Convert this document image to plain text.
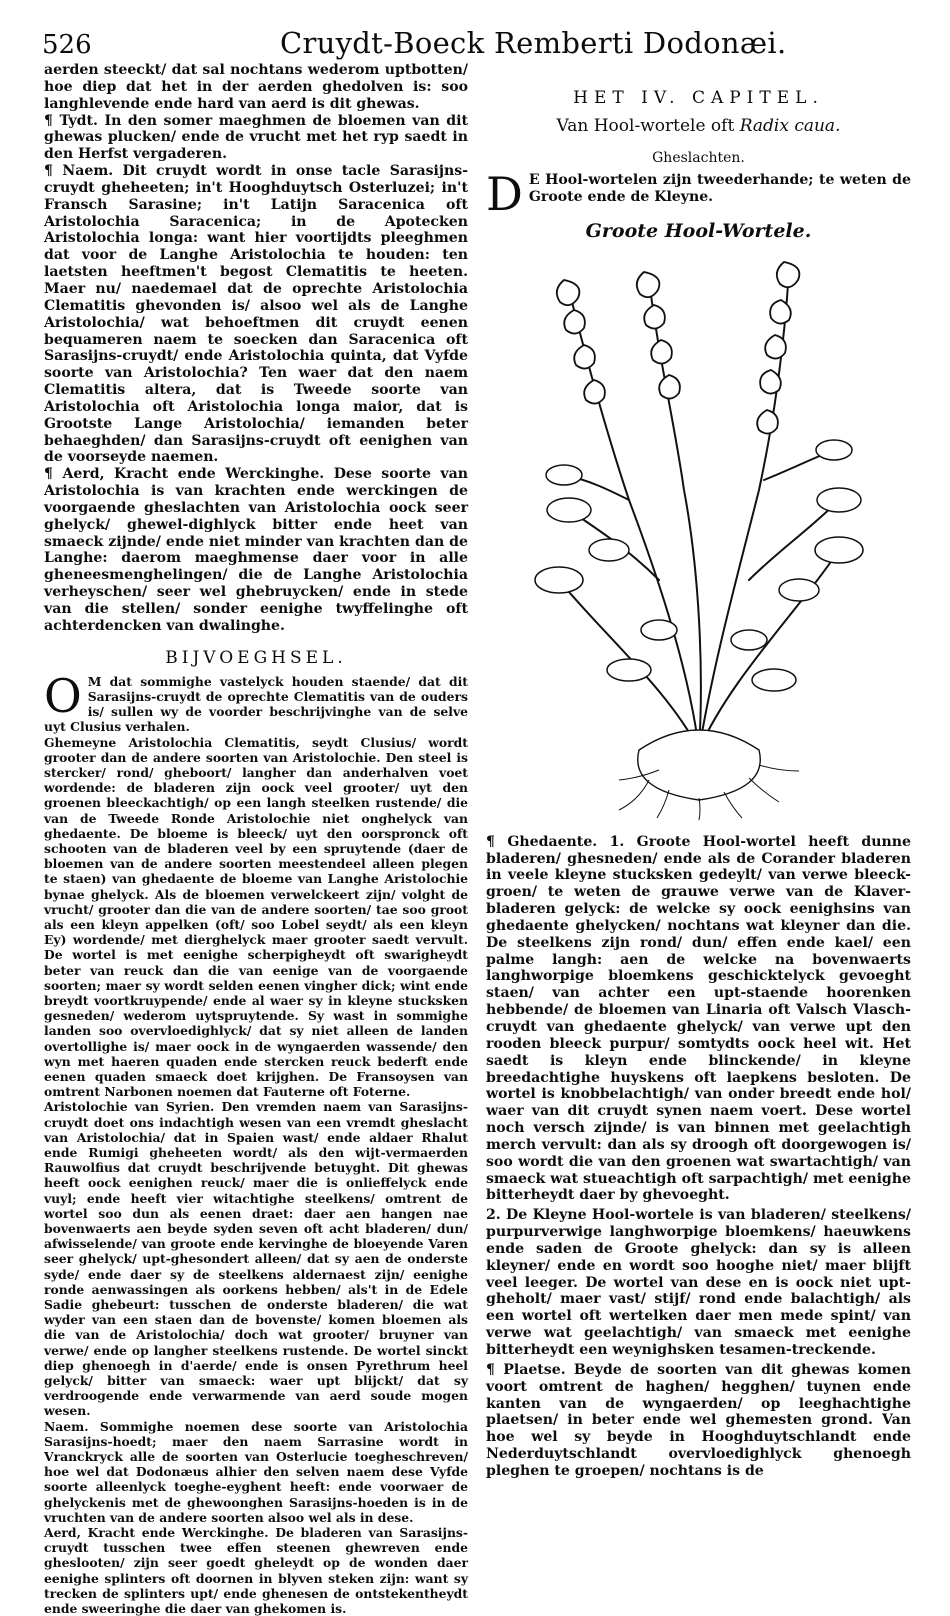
526	Cruydt-Boeck Remberti Dodonæi.

aerden steeckt/ dat sal nochtans wederom uptbotten/ hoe diep dat het in der aerden ghedolven is: soo langhlevende ende hard van aerd is dit ghewas.

¶ Tydt. In den somer maeghmen de bloemen van dit ghewas plucken/ ende de vrucht met het ryp saedt in den Herfst vergaderen.

¶ Naem. Dit cruydt wordt in onse tacle Sarasijns-cruydt gheheeten; in't Hooghduytsch Osterluzei; in't Fransch Sarasine; in't Latijn Saracenica oft Aristolochia Saracenica; in de Apotecken Aristolochia longa: want hier voortijdts pleeghmen dat voor de Langhe Aristolochia te houden: ten laetsten heeftmen't begost Clematitis te heeten. Maer nu/ naedemael dat de oprechte Aristolochia Clematitis ghevonden is/ alsoo wel als de Langhe Aristolochia/ wat behoeftmen dit cruydt eenen bequameren naem te soecken dan Saracenica oft Sarasijns-cruydt/ ende Aristolochia quinta, dat Vyfde soorte van Aristolochia? Ten waer dat den naem Clematitis altera, dat is Tweede soorte van Aristolochia oft Aristolochia longa maior, dat is Grootste Lange Aristolochia/ iemanden beter behaeghden/ dan Sarasijns-cruydt oft eenighen van de voorseyde naemen.

¶ Aerd, Kracht ende Werckinghe. Dese soorte van Aristolochia is van krachten ende werckingen de voorgaende gheslachten van Aristolochia oock seer ghelyck/ ghewel-dighlyck bitter ende heet van smaeck zijnde/ ende niet minder van krachten dan de Langhe: daerom maeghmense daer voor in alle gheneesmenghelingen/ die de Langhe Aristolochia verheyschen/ seer wel ghebruycken/ ende in stede van die stellen/ sonder eenighe twyffelinghe oft achterdencken van dwalinghe.

BIJVOEGHSEL.

O M dat sommighe vastelyck houden staende/ dat dit Sarasijns-cruydt de oprechte Clematitis van de ouders is/ sullen wy de voorder beschrijvinghe van de selve uyt Clusius verhalen.

Ghemeyne Aristolochia Clematitis, seydt Clusius/ wordt grooter dan de andere soorten van Aristolochie. Den steel is stercker/ rond/ gheboort/ langher dan anderhalven voet wordende: de bladeren zijn oock veel grooter/ uyt den groenen bleeckachtigh/ op een langh steelken rustende/ die van de Tweede Ronde Aristolochie niet onghelyck van ghedaente. De bloeme is bleeck/ uyt den oorspronck oft schooten van de bladeren veel by een spruytende (daer de bloemen van de andere soorten meestendeel alleen plegen te staen) van ghedaente de bloeme van Langhe Aristolochie bynae ghelyck. Als de bloemen verwelckeert zijn/ volght de vrucht/ grooter dan die van de andere soorten/ tae soo groot als een kleyn appelken (oft/ soo Lobel seydt/ als een kleyn Ey) wordende/ met dierghelyck maer grooter saedt vervult. De wortel is met eenighe scherpigheydt oft swarigheydt beter van reuck dan die van eenige van de voorgaende soorten; maer sy wordt selden eenen vingher dick; wint ende breydt voortkruypende/ ende al waer sy in kleyne stucksken gesneden/ wederom uytspruytende. Sy wast in sommighe landen soo overvloedighlyck/ dat sy niet alleen de landen overtollighe is/ maer oock in de wyngaerden wassende/ den wyn met haeren quaden ende stercken reuck bederft ende eenen quaden smaeck doet krijghen. De Fransoysen van omtrent Narbonen noemen dat Fauterne oft Foterne.

Aristolochie van Syrien. Den vremden naem van Sarasijns-cruydt doet ons indachtigh wesen van een vremdt gheslacht van Aristolochia/ dat in Spaien wast/ ende aldaer Rhalut ende Rumigi gheheeten wordt/ als den wijt-vermaerden Rauwolfius dat cruydt beschrijvende betuyght. Dit ghewas heeft oock eenighen reuck/ maer die is onlieffelyck ende vuyl; ende heeft vier witachtighe steelkens/ omtrent de wortel soo dun als eenen draet: daer aen hangen nae bovenwaerts aen beyde syden seven oft acht bladeren/ dun/ afwisselende/ van groote ende kervinghe de bloeyende Varen seer ghelyck/ upt-ghesondert alleen/ dat sy aen de onderste syde/ ende daer sy de steelkens aldernaest zijn/ eenighe ronde aenwassingen als oorkens hebben/ als't in de Edele Sadie ghebeurt: tusschen de onderste bladeren/ die wat wyder van een staen dan de bovenste/ komen bloemen als die van de Aristolochia/ doch wat grooter/ bruyner van verwe/ ende op langher steelkens rustende. De wortel sinckt diep ghenoegh in d'aerde/ ende is onsen Pyrethrum heel gelyck/ bitter van smaeck: waer upt blijckt/ dat sy verdroogende ende verwarmende van aerd soude mogen wesen.

Naem. Sommighe noemen dese soorte van Aristolochia Sarasijns-hoedt; maer den naem Sarrasine wordt in Vranckryck alle de soorten van Osterlucie toegheschreven/ hoe wel dat Dodonæus alhier den selven naem dese Vyfde soorte alleenlyck toeghe-eyghent heeft: ende voorwaer de ghelyckenis met de ghewoonghen Sarasijns-hoeden is in de vruchten van de andere soorten alsoo wel als in dese.

Aerd, Kracht ende Werckinghe. De bladeren van Sarasijns-cruydt tusschen twee effen steenen ghewreven ende gheslooten/ zijn seer goedt gheleydt op de wonden daer eenighe splinters oft doornen in blyven steken zijn: want sy trecken de splinters upt/ ende ghenesen de ontstekentheydt ende sweeringhe die daer van ghekomen is.

HET IV. CAPITEL.
Van Hool-wortele oft Radix caua.
Gheslachten.

D E Hool-wortelen zijn tweederhande; te weten de Groote ende de Kleyne.

Groote Hool-Wortele.

¶ Ghedaente. 1. Groote Hool-wortel heeft dunne bladeren/ ghesneden/ ende als de Corander bladeren in veele kleyne stucksken gedeylt/ van verwe bleeck-groen/ te weten de grauwe verwe van de Klaver-bladeren gelyck: de welcke sy oock eenighsins van ghedaente ghelycken/ nochtans wat kleyner dan die. De steelkens zijn rond/ dun/ effen ende kael/ een palme langh: aen de welcke na bovenwaerts langhworpige bloemkens geschicktelyck gevoeght staen/ van achter een upt-staende hoorenken hebbende/ de bloemen van Linaria oft Valsch Vlasch-cruydt van ghedaente ghelyck/ van verwe upt den rooden bleeck purpur/ somtydts oock heel wit. Het saedt is kleyn ende blinckende/ in kleyne breedachtighe huyskens oft laepkens besloten. De wortel is knobbelachtigh/ van onder breedt ende hol/ waer van dit cruydt synen naem voert. Dese wortel noch versch zijnde/ is van binnen met geelachtigh merch vervult: dan als sy droogh oft doorgewogen is/ soo wordt die van den groenen wat swartachtigh/ van smaeck wat stueachtigh oft sarpachtigh/ met eenighe bitterheydt daer by ghevoeght.

2. De Kleyne Hool-wortele is van bladeren/ steelkens/ purpurverwige langhworpige bloemkens/ haeuwkens ende saden de Groote ghelyck: dan sy is alleen kleyner/ ende en wordt soo hooghe niet/ maer blijft veel leeger. De wortel van dese en is oock niet upt-gheholt/ maer vast/ stijf/ rond ende balachtigh/ als een wortel oft wertelken daer men mede spint/ van verwe wat geelachtigh/ van smaeck met eenighe bitterheydt een weynighsken tesamen-treckende.

¶ Plaetse. Beyde de soorten van dit ghewas komen voort omtrent de haghen/ hegghen/ tuynen ende kanten van de wyngaerden/ op leeghachtighe plaetsen/ in beter ende wel ghemesten grond. Van hoe wel sy beyde in Hooghduytschlandt ende Nederduytschlandt overvloedighlyck ghenoegh pleghen te groepen/ nochtans is de
